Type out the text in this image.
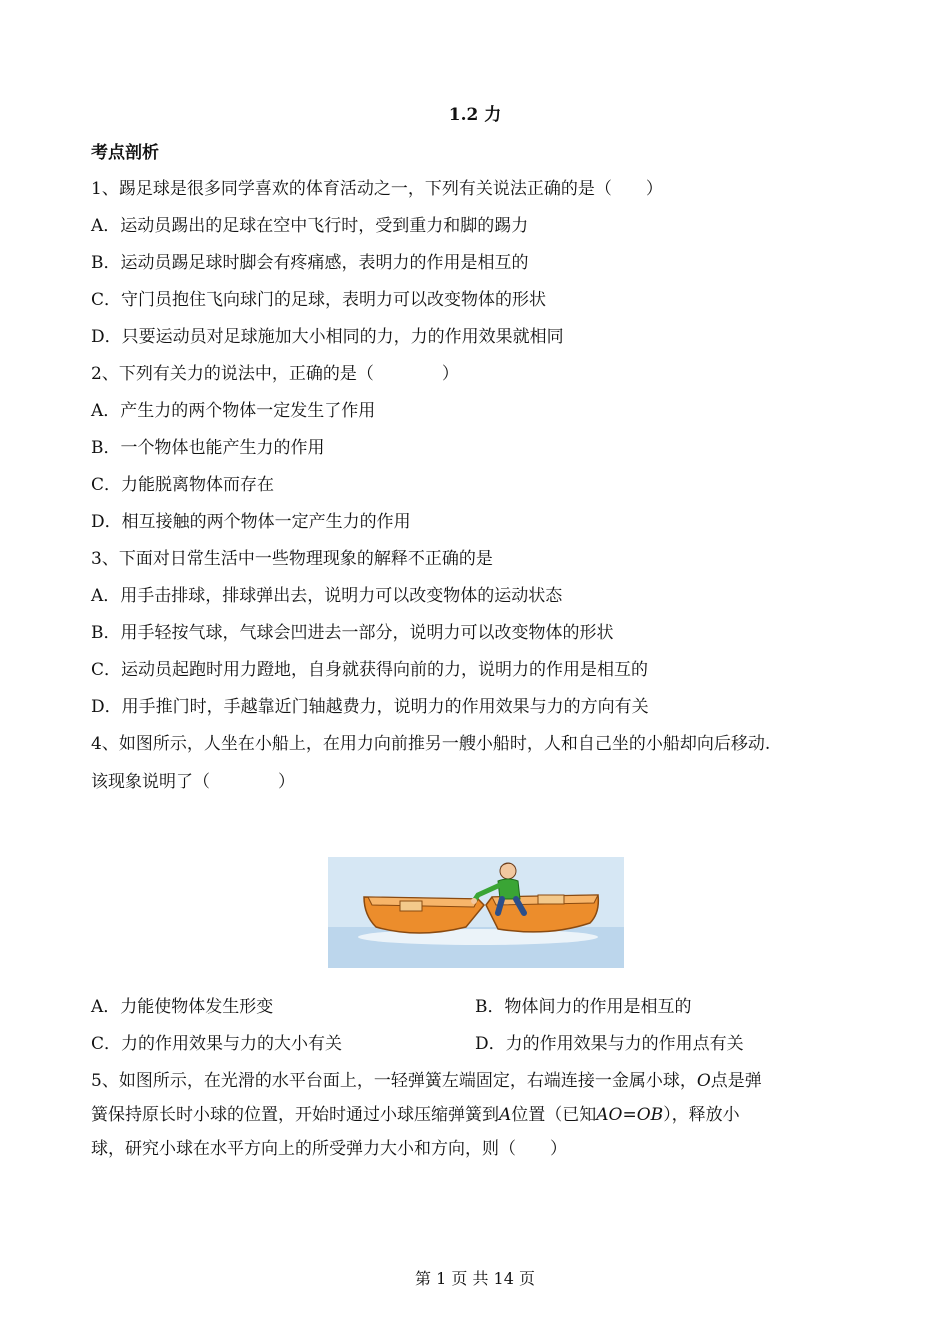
1.2 力
考点剖析
1、踢足球是很多同学喜欢的体育活动之一，下列有关说法正确的是（　　）
A．运动员踢出的足球在空中飞行时，受到重力和脚的踢力
B．运动员踢足球时脚会有疼痛感，表明力的作用是相互的
C．守门员抱住飞向球门的足球，表明力可以改变物体的形状
D．只要运动员对足球施加大小相同的力，力的作用效果就相同
2、下列有关力的说法中，正确的是（　　　　）
A．产生力的两个物体一定发生了作用
B．一个物体也能产生力的作用
C．力能脱离物体而存在
D．相互接触的两个物体一定产生力的作用
3、下面对日常生活中一些物理现象的解释不正确的是
A．用手击排球，排球弹出去，说明力可以改变物体的运动状态
B．用手轻按气球，气球会凹进去一部分，说明力可以改变物体的形状
C．运动员起跑时用力蹬地，自身就获得向前的力，说明力的作用是相互的
D．用手推门时，手越靠近门轴越费力，说明力的作用效果与力的方向有关
4、如图所示，人坐在小船上，在用力向前推另一艘小船时，人和自己坐的小船却向后移动.
该现象说明了（　　　　）
A．力能使物体发生形变	B．物体间力的作用是相互的
C．力的作用效果与力的大小有关	D．力的作用效果与力的作用点有关
5、如图所示，在光滑的水平台面上，一轻弹簧左端固定，右端连接一金属小球，O点是弹
簧保持原长时小球的位置，开始时通过小球压缩弹簧到A位置（已知AO=OB），释放小
球，研究小球在水平方向上的所受弹力大小和方向，则（　　）
第 1 页 共 14 页
